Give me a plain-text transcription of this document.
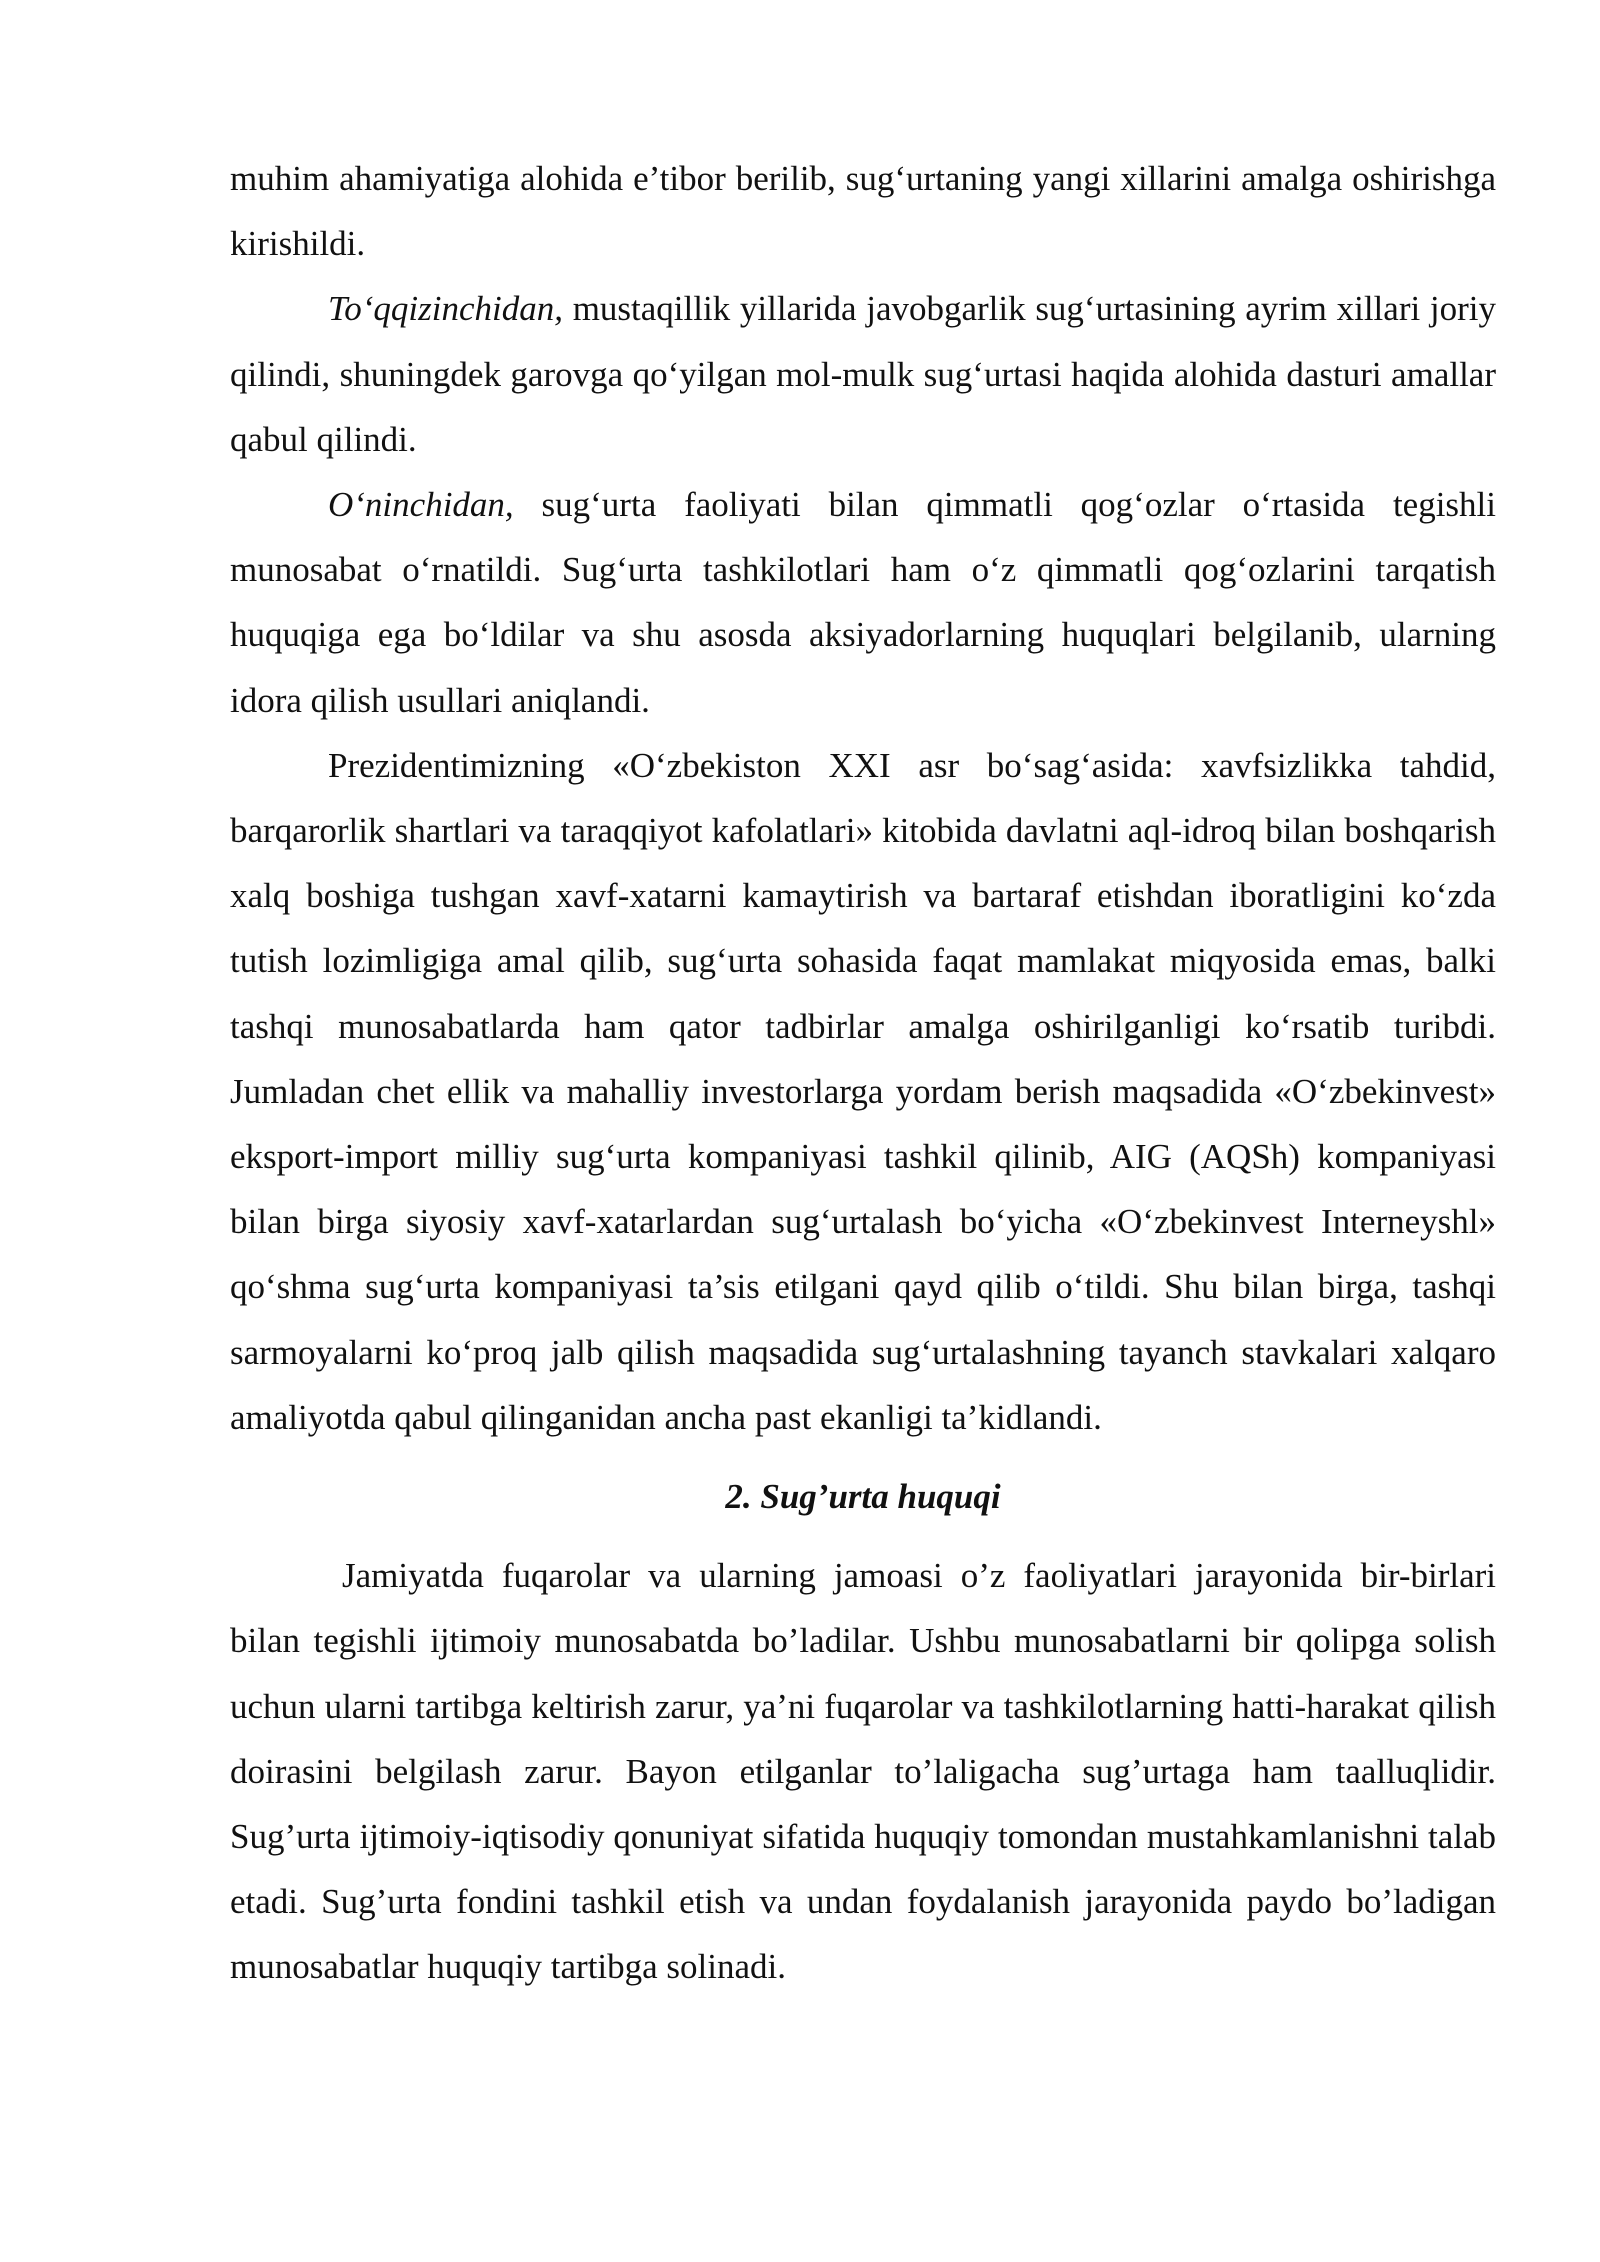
muhim ahamiyatiga alohida e’tibor berilib, sug‘urtaning yangi xillarini amalga oshirishga kirishildi.

To‘qqizinchidan, mustaqillik yillarida javobgarlik sug‘urtasining ayrim xillari joriy qilindi, shuningdek garovga qo‘yilgan mol-mulk sug‘urtasi haqida alohida dasturi amallar qabul qilindi.

O‘ninchidan, sug‘urta faoliyati bilan qimmatli qog‘ozlar o‘rtasida tegishli munosabat o‘rnatildi. Sug‘urta tashkilotlari ham o‘z qimmatli qog‘ozlarini tarqatish huquqiga ega bo‘ldilar va shu asosda aksiyadorlarning huquqlari belgilanib, ularning idora qilish usullari aniqlandi.

Prezidentimizning «O‘zbekiston XXI asr bo‘sag‘asida: xavfsizlikka tahdid, barqarorlik shartlari va taraqqiyot kafolatlari» kitobida davlatni aql-idroq bilan boshqarish xalq boshiga tushgan xavf-xatarni kamaytirish va bartaraf etishdan iboratligini ko‘zda tutish lozimligiga amal qilib, sug‘urta sohasida faqat mamlakat miqyosida emas, balki tashqi munosabatlarda ham qator tadbirlar amalga oshirilganligi ko‘rsatib turibdi. Jumladan chet ellik va mahalliy investorlarga yordam berish maqsadida «O‘zbekinvest» eksport-import milliy sug‘urta kompaniyasi tashkil qilinib, AIG (AQSh) kompaniyasi bilan birga siyosiy xavf-xatarlardan sug‘urtalash bo‘yicha «O‘zbekinvest Interneyshl» qo‘shma sug‘urta kompaniyasi ta’sis etilgani qayd qilib o‘tildi. Shu bilan birga, tashqi sarmoyalarni ko‘proq jalb qilish maqsadida sug‘urtalashning tayanch stavkalari xalqaro amaliyotda qabul qilinganidan ancha past ekanligi ta’kidlandi.

2. Sug’urta huquqi

Jamiyatda fuqarolar va ularning jamoasi o’z faoliyatlari jarayonida bir-birlari bilan tegishli ijtimoiy munosabatda bo’ladilar. Ushbu munosabatlarni bir qolipga solish uchun ularni tartibga keltirish zarur, ya’ni fuqarolar va tashkilotlarning hatti-harakat qilish doirasini belgilash zarur. Bayon etilganlar to’laligacha sug’urtaga ham taalluqlidir. Sug’urta ijtimoiy-iqtisodiy qonuniyat sifatida huquqiy tomondan mustahkamlanishni talab etadi. Sug’urta fondini tashkil etish va undan foydalanish jarayonida paydo bo’ladigan munosabatlar huquqiy tartibga solinadi.
